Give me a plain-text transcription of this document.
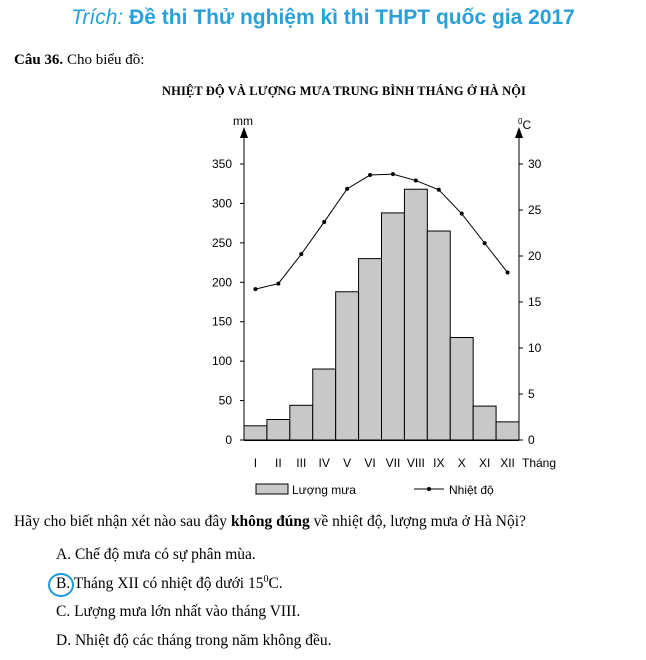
Trích: Đề thi Thử nghiệm kì thi THPT quốc gia 2017
Câu 36. Cho biểu đồ:
NHIỆT ĐỘ VÀ LƯỢNG MƯA TRUNG BÌNH THÁNG Ở HÀ NỘI
0
50
100
150
200
250
300
350
0
5
10
15
20
25
30
mm	$^0$C
I II III IV V VI VII VIII IX X XI XII Tháng
Lượng mưa	Nhiệt độ
Hãy cho biết nhận xét nào sau đây không đúng về nhiệt độ, lượng mưa ở Hà Nội?
A. Chế độ mưa có sự phân mùa.
B. Tháng XII có nhiệt độ dưới $15^0C$.
C. Lượng mưa lớn nhất vào tháng VIII.
D. Nhiệt độ các tháng trong năm không đều.
